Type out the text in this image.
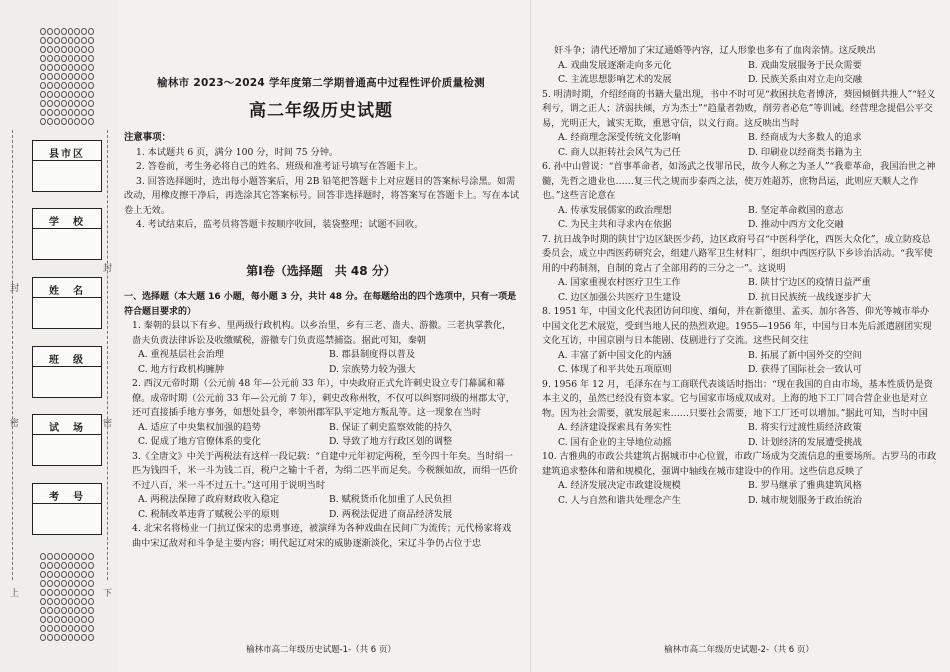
封
密
封
密
上	下
县市区
学　校
姓　名
班　级
试　场
考　号
榆林市 2023～2024 学年度第二学期普通高中过程性评价质量检测
高二年级历史试题
注意事项：
1. 本试题共 6 页，满分 100 分，时间 75 分钟。
2. 答卷前，考生务必将自己的姓名、班级和准考证号填写在答题卡上。
3. 回答选择题时，选出每小题答案后，用 2B 铅笔把答题卡上对应题目的答案标号涂黑。如需改动，用橡皮擦干净后，再选涂其它答案标号。回答非选择题时，将答案写在答题卡上。写在本试卷上无效。
4. 考试结束后，监考员将答题卡按顺序收回，装袋整理；试题不回收。
第Ⅰ卷（选择题　共 48 分）
一、选择题（本大题 16 小题，每小题 3 分，共计 48 分。在每题给出的四个选项中，只有一项是符合题目要求的）
1. 秦朝的县以下有乡、里两级行政机构。以乡治里，乡有三老、啬夫、游徼。三老执掌教化，啬夫负责法律诉讼及收缴赋税，游徼专门负责巡禁捕盗。据此可知，秦朝
A. 重视基层社会治理	B. 郡县制度得以普及
C. 地方行政机构臃肿	D. 宗族势力较为强大
2. 西汉元帝时期（公元前 48 年—公元前 33 年），中央政府正式允许刺史设立专门幕属和幕僚。成帝时期（公元前 33 年—公元前 7 年），刺史改称州牧，不仅可以纠察同级的州郡太守，还可直接插手地方事务，如想处县令，率领州郡军队平定地方叛乱等。这一现象在当时
A. 适应了中央集权加强的趋势	B. 保证了刺史监察效能的持久
C. 促成了地方官僚体系的变化	D. 导致了地方行政区划的调整
3.《全唐文》中关于两税法有这样一段记载：“自建中元年初定两税，至今四十年矣。当时绢一匹为钱四千，米一斗为钱二百，税户之输十千者，为绢二匹半而足矣。今税额如故，而绢一匹价不过八百，米一斗不过五十。”这可用于说明当时
A. 两税法保障了政府财政收入稳定	B. 赋税货币化加重了人民负担
C. 税制改革违背了赋税公平的原则	D. 两税法促进了商品经济发展
4. 北宋名将杨业一门抗辽保宋的忠勇事迹，被演绎为各种戏曲在民间广为流传；元代杨家将戏曲中宋辽敌对和斗争是主要内容；明代起辽对宋的威胁逐渐淡化，宋辽斗争仍占位于忠
榆林市高二年级历史试题-1-（共 6 页）
奸斗争；清代还增加了宋辽通婚等内容，辽人形象也多有了血肉亲情。这反映出
A. 戏曲发展逐渐走向多元化	B. 戏曲发展服务于民众需要
C. 主流思想影响艺术的发展	D. 民族关系由对立走向交融
5. 明清时期，介绍经商的书籍大量出现，书中不时可见“救困扶危者博济，葵园倾倒共推人”“轻义利亏，谓之正人；济弱扶倾，方为杰士”“趋量者勃败，削劳者必危”等训诫。经营理念提倡公平交易，光明正大，诚实无欺，重恩守信，以义行商。这反映出当时
A. 经商理念深受传统文化影响	B. 经商成为大多数人的追求
C. 商人以拒转社会风气为己任	D. 印刷业以经商类书籍为主
6. 孙中山曾说：“首事革命者，如汤武之伐罪吊民，故今人称之为圣人”“我辈革命，我国治世之神髓，先哲之遗业也……复三代之规而步泰西之法，使万姓超苏，庶物昌运，此则应天顺人之作也。”这些言论意在
A. 传承发展儒家的政治理想	B. 坚定革命救国的意志
C. 为民主共和寻求内在依据	D. 推动中西方文化交融
7. 抗日战争时期的陕甘宁边区缺医少药，边区政府号召“中医科学化，西医大众化”，成立防疫总委员会，成立中西医药研究会，组建八路军卫生材料厂，组织中西医疗队下乡诊治活动。“我军使用的中药制剂，自制的竟占了全部用药的三分之一”。这说明
A. 国家重视农村医疗卫生工作	B. 陕甘宁边区的疫情日益严重
C. 边区加强公共医疗卫生建设	D. 抗日民族统一战线逐步扩大
8. 1951 年，中国文化代表团访问印度、缅甸，并在新德里、孟买、加尔各答、仰光等城市举办中国文化艺术展览，受到当地人民的热烈欢迎。1955—1956 年，中国与日本先后派遣剧团实现文化互访，中国京剧与日本能剧、伎剧进行了交流。这些民间交往
A. 丰富了新中国文化的内涵	B. 拓展了新中国外交的空间
C. 体现了和平共处五项原则	D. 获得了国际社会一致认可
9. 1956 年 12 月，毛泽东在与工商联代表谈话时指出：“现在我国的自由市场，基本性质仍是资本主义的，虽然已经没有资本家。它与国家市场成双成对。上海的地下工厂同合营企业也是对立物。因为社会需要，就发展起来……只要社会需要，地下工厂还可以增加。”据此可知，当时中国
A. 经济建设探索具有务实性	B. 将实行过渡性质经济政策
C. 国有企业的主导地位动摇	D. 计划经济的发展遭受挑战
10. 古雅典的市政公共建筑占据城市中心位置，市政广场成为交流信息的重要场所。古罗马的市政建筑追求整体和谐和规模化，强调中轴线在城市建设中的作用。这些信息反映了
A. 经济发展决定市政建设规模	B. 罗马继承了雅典建筑风格
C. 人与自然和谐共处理念产生	D. 城市规划服务于政治统治
榆林市高二年级历史试题-2-（共 6 页）
